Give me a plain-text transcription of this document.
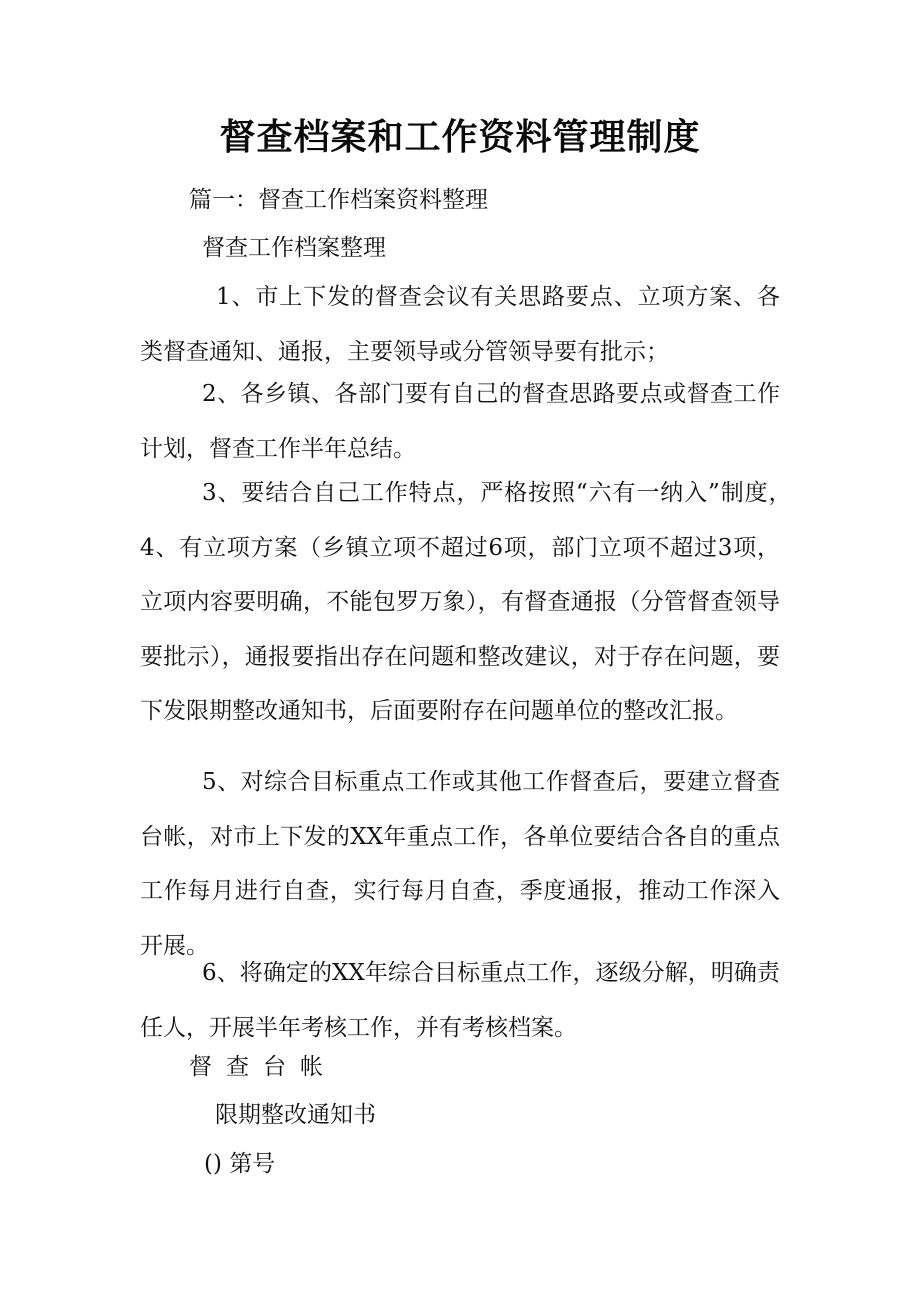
督查档案和工作资料管理制度
篇一：督查工作档案资料整理
督查工作档案整理
1、市上下发的督查会议有关思路要点、立项方案、各类督查通知、通报，主要领导或分管领导要有批示；
2、各乡镇、各部门要有自己的督查思路要点或督查工作计划，督查工作半年总结。
3、要结合自己工作特点，严格按照“六有一纳入”制度，　　4、有立项方案（乡镇立项不超过6项，部门立项不超过3项，立项内容要明确，不能包罗万象），有督查通报（分管督查领导要批示），通报要指出存在问题和整改建议，对于存在问题，要下发限期整改通知书，后面要附存在问题单位的整改汇报。
5、对综合目标重点工作或其他工作督查后，要建立督查台帐，对市上下发的XX年重点工作，各单位要结合各自的重点工作每月进行自查，实行每月自查，季度通报，推动工作深入开展。
6、将确定的XX年综合目标重点工作，逐级分解，明确责任人，开展半年考核工作，并有考核档案。
督查台帐
限期整改通知书
() 第号
